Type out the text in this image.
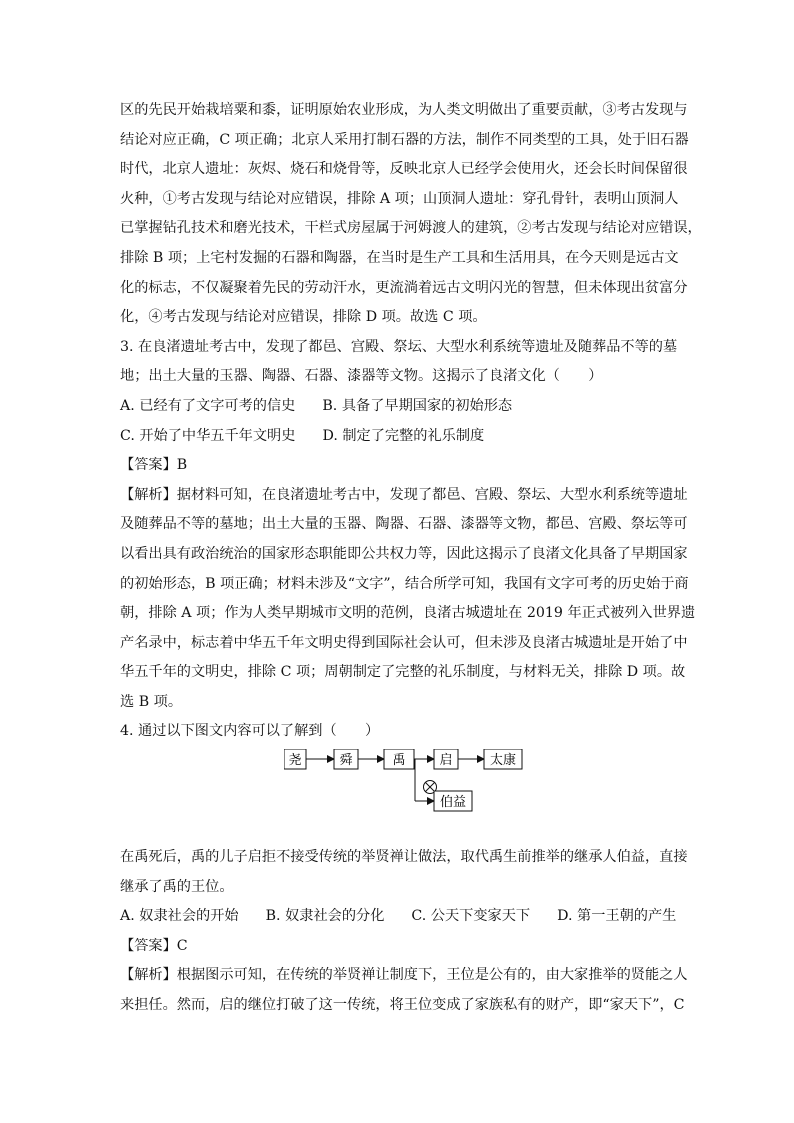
区的先民开始栽培粟和黍，证明原始农业形成，为人类文明做出了重要贡献，③考古发现与
结论对应正确，C 项正确；北京人采用打制石器的方法，制作不同类型的工具，处于旧石器
时代，北京人遗址：灰烬、烧石和烧骨等，反映北京人已经学会使用火，还会长时间保留很
火种，①考古发现与结论对应错误，排除 A 项；山顶洞人遗址：穿孔骨针，表明山顶洞人
已掌握钻孔技术和磨光技术，干栏式房屋属于河姆渡人的建筑，②考古发现与结论对应错误，
排除 B 项；上宅村发掘的石器和陶器，在当时是生产工具和生活用具，在今天则是远古文
化的标志，不仅凝聚着先民的劳动汗水，更流淌着远古文明闪光的智慧，但未体现出贫富分
化，④考古发现与结论对应错误，排除 D 项。故选 C 项。
3. 在良渚遗址考古中，发现了都邑、宫殿、祭坛、大型水利系统等遗址及随葬品不等的墓
地；出土大量的玉器、陶器、石器、漆器等文物。这揭示了良渚文化（　　）
A. 已经有了文字可考的信史 B. 具备了早期国家的初始形态
C. 开始了中华五千年文明史 D. 制定了完整的礼乐制度
【答案】B
【解析】据材料可知，在良渚遗址考古中，发现了都邑、宫殿、祭坛、大型水利系统等遗址
及随葬品不等的墓地；出土大量的玉器、陶器、石器、漆器等文物，都邑、宫殿、祭坛等可
以看出具有政治统治的国家形态职能即公共权力等，因此这揭示了良渚文化具备了早期国家
的初始形态，B 项正确；材料未涉及“文字”，结合所学可知，我国有文字可考的历史始于商
朝，排除 A 项；作为人类早期城市文明的范例，良渚古城遗址在 2019 年正式被列入世界遗
产名录中，标志着中华五千年文明史得到国际社会认可，但未涉及良渚古城遗址是开始了中
华五千年的文明史，排除 C 项；周朝制定了完整的礼乐制度，与材料无关，排除 D 项。故
选 B 项。
4. 通过以下图文内容可以了解到（　　）
尧	舜	禹	启	太康
伯益
在禹死后，禹的儿子启拒不接受传统的举贤禅让做法，取代禹生前推举的继承人伯益，直接
继承了禹的王位。
A. 奴隶社会的开始 B. 奴隶社会的分化 C. 公天下变家天下 D. 第一王朝的产生
【答案】C
【解析】根据图示可知，在传统的举贤禅让制度下，王位是公有的，由大家推举的贤能之人
来担任。然而，启的继位打破了这一传统，将王位变成了家族私有的财产，即“家天下”，C
